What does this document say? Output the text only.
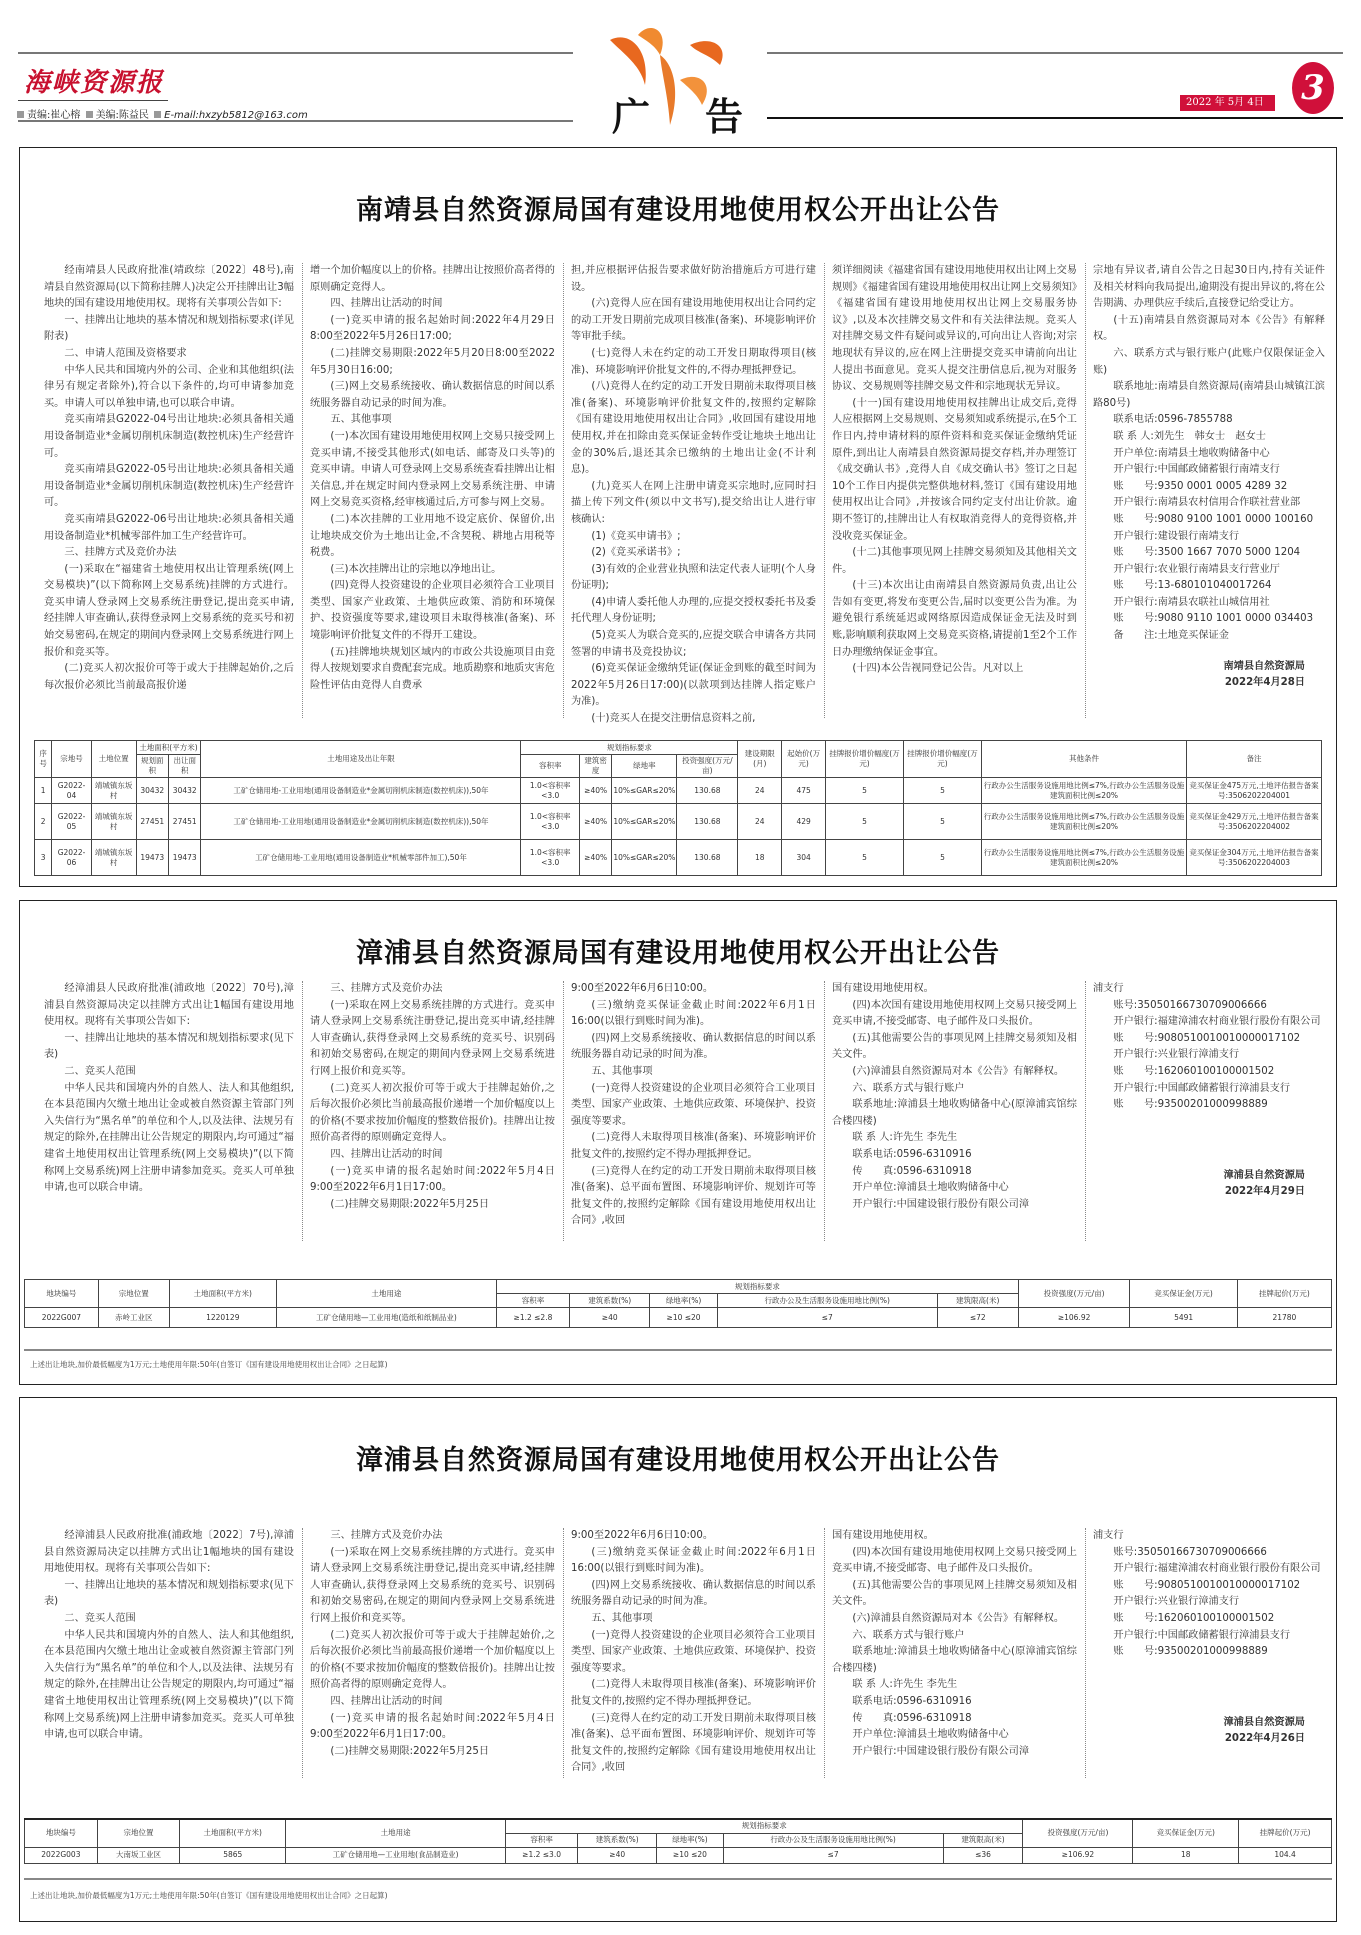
海峡资源报
责编:崔心榕 美编:陈益民 E-mail:hxzyb5812@163.com	广 告	2022 年 5月 4日	3
南靖县自然资源局国有建设用地使用权公开出让公告

经南靖县人民政府批准(靖政综〔2022〕48号),南靖县自然资源局(以下简称挂牌人)决定公开挂牌出让3幅地块的国有建设用地使用权。现将有关事项公告如下:

一、挂牌出让地块的基本情况和规划指标要求(详见附表)

二、申请人范围及资格要求

中华人民共和国境内外的公司、企业和其他组织(法律另有规定者除外),符合以下条件的,均可申请参加竞买。申请人可以单独申请,也可以联合申请。

竞买南靖县G2022-04号出让地块:必须具备相关通用设备制造业*金属切削机床制造(数控机床)生产经营许可。

竞买南靖县G2022-05号出让地块:必须具备相关通用设备制造业*金属切削机床制造(数控机床)生产经营许可。

竞买南靖县G2022-06号出让地块:必须具备相关通用设备制造业*机械零部件加工生产经营许可。

三、挂牌方式及竞价办法

(一)采取在“福建省土地使用权出让管理系统(网上交易模块)”(以下简称网上交易系统)挂牌的方式进行。竞买申请人登录网上交易系统注册登记,提出竞买申请,经挂牌人审查确认,获得登录网上交易系统的竞买号和初始交易密码,在规定的期间内登录网上交易系统进行网上报价和竞买等。

(二)竞买人初次报价可等于或大于挂牌起始价,之后每次报价必须比当前最高报价递

增一个加价幅度以上的价格。挂牌出让按照价高者得的原则确定竞得人。

四、挂牌出让活动的时间

(一)竞买申请的报名起始时间:2022年4月29日8:00至2022年5月26日17:00;

(二)挂牌交易期限:2022年5月20日8:00至2022年5月30日16:00;

(三)网上交易系统接收、确认数据信息的时间以系统服务器自动记录的时间为准。

五、其他事项

(一)本次国有建设用地使用权网上交易只接受网上竞买申请,不接受其他形式(如电话、邮寄及口头等)的竞买申请。申请人可登录网上交易系统查看挂牌出让相关信息,并在规定时间内登录网上交易系统注册、申请网上交易竞买资格,经审核通过后,方可参与网上交易。

(二)本次挂牌的工业用地不设定底价、保留价,出让地块成交价为土地出让金,不含契税、耕地占用税等税费。

(三)本次挂牌出让的宗地以净地出让。

(四)竞得人投资建设的企业项目必须符合工业项目类型、国家产业政策、土地供应政策、消防和环境保护、投资强度等要求,建设项目未取得核准(备案)、环境影响评价批复文件的不得开工建设。

(五)挂牌地块规划区域内的市政公共设施项目由竞得人按规划要求自费配套完成。地质勘察和地质灾害危险性评估由竞得人自费承

担,并应根据评估报告要求做好防治措施后方可进行建设。

(六)竞得人应在国有建设用地使用权出让合同约定的动工开发日期前完成项目核准(备案)、环境影响评价等审批手续。

(七)竞得人未在约定的动工开发日期取得项目(核准)、环境影响评价批复文件的,不得办理抵押登记。

(八)竞得人在约定的动工开发日期前未取得项目核准(备案)、环境影响评价批复文件的,按照约定解除《国有建设用地使用权出让合同》,收回国有建设用地使用权,并在扣除由竞买保证金转作受让地块土地出让金的30%后,退还其余已缴纳的土地出让金(不计利息)。

(九)竞买人在网上注册申请竞买宗地时,应同时扫描上传下列文件(须以中文书写),提交给出让人进行审核确认:

(1)《竞买申请书》;

(2)《竞买承诺书》;

(3)有效的企业营业执照和法定代表人证明(个人身份证明);

(4)申请人委托他人办理的,应提交授权委托书及委托代理人身份证明;

(5)竞买人为联合竞买的,应提交联合申请各方共同签署的申请书及竞投协议;

(6)竞买保证金缴纳凭证(保证金到账的截至时间为2022年5月26日17:00)(以款项到达挂牌人指定账户为准)。

(十)竞买人在提交注册信息资料之前,

须详细阅读《福建省国有建设用地使用权出让网上交易规则》《福建省国有建设用地使用权出让网上交易须知》《福建省国有建设用地使用权出让网上交易服务协议》,以及本次挂牌交易文件和有关法律法规。竞买人对挂牌交易文件有疑问或异议的,可向出让人咨询;对宗地现状有异议的,应在网上注册提交竞买申请前向出让人提出书面意见。竞买人提交注册信息后,视为对服务协议、交易规则等挂牌交易文件和宗地现状无异议。

(十一)国有建设用地使用权挂牌出让成交后,竞得人应根据网上交易规则、交易须知或系统提示,在5个工作日内,持申请材料的原件资料和竞买保证金缴纳凭证原件,到出让人南靖县自然资源局提交存档,并办理签订《成交确认书》,竞得人自《成交确认书》签订之日起10个工作日内提供完整供地材料,签订《国有建设用地使用权出让合同》,并按该合同约定支付出让价款。逾期不签订的,挂牌出让人有权取消竞得人的竞得资格,并没收竞买保证金。

(十二)其他事项见网上挂牌交易须知及其他相关文件。

(十三)本次出让由南靖县自然资源局负责,出让公告如有变更,将发布变更公告,届时以变更公告为准。为避免银行系统延迟或网络原因造成保证金无法及时到账,影响顺利获取网上交易竞买资格,请提前1至2个工作日办理缴纳保证金事宜。

(十四)本公告视同登记公告。凡对以上

宗地有异议者,请自公告之日起30日内,持有关证件及相关材料向我局提出,逾期没有提出异议的,将在公告期满、办理供应手续后,直接登记给受让方。

(十五)南靖县自然资源局对本《公告》有解释权。

六、联系方式与银行账户(此账户仅限保证金入账)

联系地址:南靖县自然资源局(南靖县山城镇江滨路80号)

联系电话:0596-7855788

联 系 人:刘先生　韩女士　赵女士

开户单位:南靖县土地收购储备中心

开户银行:中国邮政储蓄银行南靖支行

账　　号:9350 0001 0005 4289 32

开户银行:南靖县农村信用合作联社营业部

账　　号:9080 9100 1001 0000 100160

开户银行:建设银行南靖支行

账　　号:3500 1667 7070 5000 1204

开户银行:农业银行南靖县支行营业厅

账　　号:13-680101040017264

开户银行:南靖县农联社山城信用社

账　　号:9080 9110 1001 0000 034403

备　　注:土地竞买保证金

南靖县自然资源局

2022年4月28日

序号	宗地号	土地位置	土地面积(平方米)		土地用途及出让年限	规划指标要求				建设期限(月)	起始价(万元)	挂牌报价增价幅度(万元)	挂牌报价增价幅度(万元)	其他条件	备注
			规划面积	出让面积		容积率	建筑密度	绿地率	投资强度(万元/亩)						
1	G2022-04	靖城镇东坂村	30432	30432	工矿仓储用地-工业用地(通用设备制造业*金属切削机床制造(数控机床)),50年	1.0<容积率<3.0	≥40%	10%≤GAR≤20%	130.68	24	475	5	5	行政办公生活服务设施用地比例≤7%,行政办公生活服务设施建筑面积比例≤20%	竞买保证金475万元,土地评估报告备案号:3506202204001
2	G2022-05	靖城镇东坂村	27451	27451	工矿仓储用地-工业用地(通用设备制造业*金属切削机床制造(数控机床)),50年	1.0<容积率<3.0	≥40%	10%≤GAR≤20%	130.68	24	429	5	5	行政办公生活服务设施用地比例≤7%,行政办公生活服务设施建筑面积比例≤20%	竞买保证金429万元,土地评估报告备案号:3506202204002
3	G2022-06	靖城镇东坂村	19473	19473	工矿仓储用地-工业用地(通用设备制造业*机械零部件加工),50年	1.0<容积率<3.0	≥40%	10%≤GAR≤20%	130.68	18	304	5	5	行政办公生活服务设施用地比例≤7%,行政办公生活服务设施建筑面积比例≤20%	竞买保证金304万元,土地评估报告备案号:3506202204003
漳浦县自然资源局国有建设用地使用权公开出让公告

经漳浦县人民政府批准(浦政地〔2022〕70号),漳浦县自然资源局决定以挂牌方式出让1幅国有建设用地使用权。现将有关事项公告如下:

一、挂牌出让地块的基本情况和规划指标要求(见下表)

二、竞买人范围

中华人民共和国境内外的自然人、法人和其他组织,在本县范围内欠缴土地出让金或被自然资源主管部门列入失信行为“黑名单”的单位和个人,以及法律、法规另有规定的除外,在挂牌出让公告规定的期限内,均可通过“福建省土地使用权出让管理系统(网上交易模块)”(以下简称网上交易系统)网上注册申请参加竞买。竞买人可单独申请,也可以联合申请。

三、挂牌方式及竞价办法

(一)采取在网上交易系统挂牌的方式进行。竞买申请人登录网上交易系统注册登记,提出竞买申请,经挂牌人审查确认,获得登录网上交易系统的竞买号、识别码和初始交易密码,在规定的期间内登录网上交易系统进行网上报价和竞买等。

(二)竞买人初次报价可等于或大于挂牌起始价,之后每次报价必须比当前最高报价递增一个加价幅度以上的价格(不要求按加价幅度的整数倍报价)。挂牌出让按照价高者得的原则确定竞得人。

四、挂牌出让活动的时间

(一)竞买申请的报名起始时间:2022年5月4日9:00至2022年6月1日17:00。

(二)挂牌交易期限:2022年5月25日

9:00至2022年6月6日10:00。

(三)缴纳竞买保证金截止时间:2022年6月1日16:00(以银行到账时间为准)。

(四)网上交易系统接收、确认数据信息的时间以系统服务器自动记录的时间为准。

五、其他事项

(一)竞得人投资建设的企业项目必须符合工业项目类型、国家产业政策、土地供应政策、环境保护、投资强度等要求。

(二)竞得人未取得项目核准(备案)、环境影响评价批复文件的,按照约定不得办理抵押登记。

(三)竞得人在约定的动工开发日期前未取得项目核准(备案)、总平面布置图、环境影响评价、规划许可等批复文件的,按照约定解除《国有建设用地使用权出让合同》,收回

国有建设用地使用权。

(四)本次国有建设用地使用权网上交易只接受网上竞买申请,不接受邮寄、电子邮件及口头报价。

(五)其他需要公告的事项见网上挂牌交易须知及相关文件。

(六)漳浦县自然资源局对本《公告》有解释权。

六、联系方式与银行账户

联系地址:漳浦县土地收购储备中心(原漳浦宾馆综合楼四楼)

联 系 人:许先生 李先生

联系电话:0596-6310916

传　　真:0596-6310918

开户单位:漳浦县土地收购储备中心

开户银行:中国建设银行股份有限公司漳

浦支行

账号:35050166730709006666

开户银行:福建漳浦农村商业银行股份有限公司

账　　号:9080510010010000017102

开户银行:兴业银行漳浦支行

账　　号:162060100100001502

开户银行:中国邮政储蓄银行漳浦县支行

账　　号:93500201000998889

漳浦县自然资源局

2022年4月29日

地块编号	宗地位置	土地面积(平方米)	土地用途	规划指标要求					投资强度(万元/亩)	竞买保证金(万元)	挂牌起价(万元)
				容积率	建筑系数(%)	绿地率(%)	行政办公及生活服务设施用地比例(%)	建筑限高(米)			
2022G007	赤岭工业区	1220129	工矿仓储用地—工业用地(造纸和纸制品业)	≥1.2 ≤2.8	≥40	≥10 ≤20	≤7	≤72	≥106.92	5491	21780
上述出让地块,加价最低幅度为1万元;土地使用年限:50年(自签订《国有建设用地使用权出让合同》之日起算)
漳浦县自然资源局国有建设用地使用权公开出让公告

经漳浦县人民政府批准(浦政地〔2022〕7号),漳浦县自然资源局决定以挂牌方式出让1幅地块的国有建设用地使用权。现将有关事项公告如下:

一、挂牌出让地块的基本情况和规划指标要求(见下表)

二、竞买人范围

中华人民共和国境内外的自然人、法人和其他组织,在本县范围内欠缴土地出让金或被自然资源主管部门列入失信行为“黑名单”的单位和个人,以及法律、法规另有规定的除外,在挂牌出让公告规定的期限内,均可通过“福建省土地使用权出让管理系统(网上交易模块)”(以下简称网上交易系统)网上注册申请参加竞买。竞买人可单独申请,也可以联合申请。

三、挂牌方式及竞价办法

(一)采取在网上交易系统挂牌的方式进行。竞买申请人登录网上交易系统注册登记,提出竞买申请,经挂牌人审查确认,获得登录网上交易系统的竞买号、识别码和初始交易密码,在规定的期间内登录网上交易系统进行网上报价和竞买等。

(二)竞买人初次报价可等于或大于挂牌起始价,之后每次报价必须比当前最高报价递增一个加价幅度以上的价格(不要求按加价幅度的整数倍报价)。挂牌出让按照价高者得的原则确定竞得人。

四、挂牌出让活动的时间

(一)竞买申请的报名起始时间:2022年5月4日9:00至2022年6月1日17:00。

(二)挂牌交易期限:2022年5月25日

9:00至2022年6月6日10:00。

(三)缴纳竞买保证金截止时间:2022年6月1日16:00(以银行到账时间为准)。

(四)网上交易系统接收、确认数据信息的时间以系统服务器自动记录的时间为准。

五、其他事项

(一)竞得人投资建设的企业项目必须符合工业项目类型、国家产业政策、土地供应政策、环境保护、投资强度等要求。

(二)竞得人未取得项目核准(备案)、环境影响评价批复文件的,按照约定不得办理抵押登记。

(三)竞得人在约定的动工开发日期前未取得项目核准(备案)、总平面布置图、环境影响评价、规划许可等批复文件的,按照约定解除《国有建设用地使用权出让合同》,收回

国有建设用地使用权。

(四)本次国有建设用地使用权网上交易只接受网上竞买申请,不接受邮寄、电子邮件及口头报价。

(五)其他需要公告的事项见网上挂牌交易须知及相关文件。

(六)漳浦县自然资源局对本《公告》有解释权。

六、联系方式与银行账户

联系地址:漳浦县土地收购储备中心(原漳浦宾馆综合楼四楼)

联 系 人:许先生 李先生

联系电话:0596-6310916

传　　真:0596-6310918

开户单位:漳浦县土地收购储备中心

开户银行:中国建设银行股份有限公司漳

浦支行

账号:35050166730709006666

开户银行:福建漳浦农村商业银行股份有限公司

账　　号:9080510010010000017102

开户银行:兴业银行漳浦支行

账　　号:162060100100001502

开户银行:中国邮政储蓄银行漳浦县支行

账　　号:93500201000998889

漳浦县自然资源局

2022年4月26日

地块编号	宗地位置	土地面积(平方米)	土地用途	规划指标要求					投资强度(万元/亩)	竞买保证金(万元)	挂牌起价(万元)
				容积率	建筑系数(%)	绿地率(%)	行政办公及生活服务设施用地比例(%)	建筑限高(米)			
2022G003	大南坂工业区	5865	工矿仓储用地—工业用地(食品制造业)	≥1.2 ≤3.0	≥40	≥10 ≤20	≤7	≤36	≥106.92	18	104.4
上述出让地块,加价最低幅度为1万元;土地使用年限:50年(自签订《国有建设用地使用权出让合同》之日起算)
